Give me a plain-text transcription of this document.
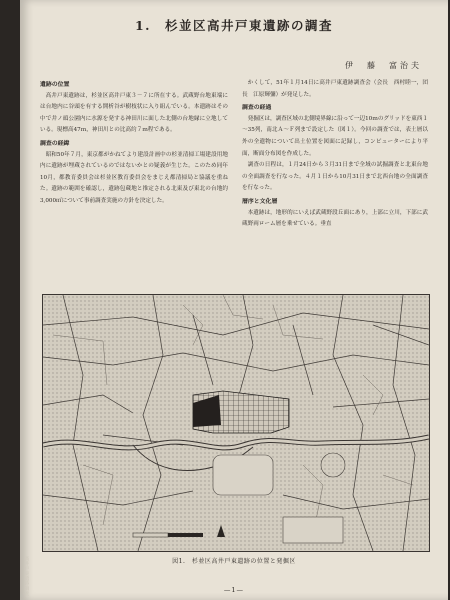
1.　杉並区高井戸東遺跡の調査
伊　藤　富治夫
遺跡の位置

高井戸東遺跡は，杉並区高井戸東３－７に所在する。武蔵野台地東端には台地内に谷頭を有する開析谷が樹枝状に入り組んでいる。本遺跡はその中で井ノ頭公園内に水源を発する神田川に面した北側の台地縁に立地している。現標高47ｍ，神田川との比高約７ｍ程である。

調査の経緯

昭和50年７月，東京都がかねてより建設計画中の杉並清掃工場建設用地内に遺跡が埋蔵されているのではないかとの疑義が生じた。このため同年10月，都教育委員会は杉並区教育委員会をまじえ都清掃局と協議を重ねた。遺跡の範囲を確認し，遺跡包蔵地と推定される北東及び東北の台地約3,000㎡について事前調査実施の方針を決定した。

かくして，51年１月14日に高井戸東遺跡調査会（会長　西村睦一，団長　江原輝彌）が発足した。

調査の経過

発掘区は，調査区域の北側境界線に沿って一辺10ｍのグリッドを東西１～35列，南北Ａ～Ｆ列まで設定した（図１）。今回の調査では，表土層以外の全遺物について出土位置を図面に記録し，コンピューターにより平面，断面分布図を作成した。

調査の日程は，１月24日から３月31日まで全域の試掘調査と北東台地の全面調査を行なった。４月１日から10月31日まで北西台地の全面調査を行なった。

層序と文化層

本遺跡は，地形的にいえば武蔵野段丘面にあり，上部に立川，下部に武蔵野両ローム層を乗せている。垂直

図1.　杉並区高井戸東遺跡の位置と発掘区
—1—
高井戸東遺跡調査
